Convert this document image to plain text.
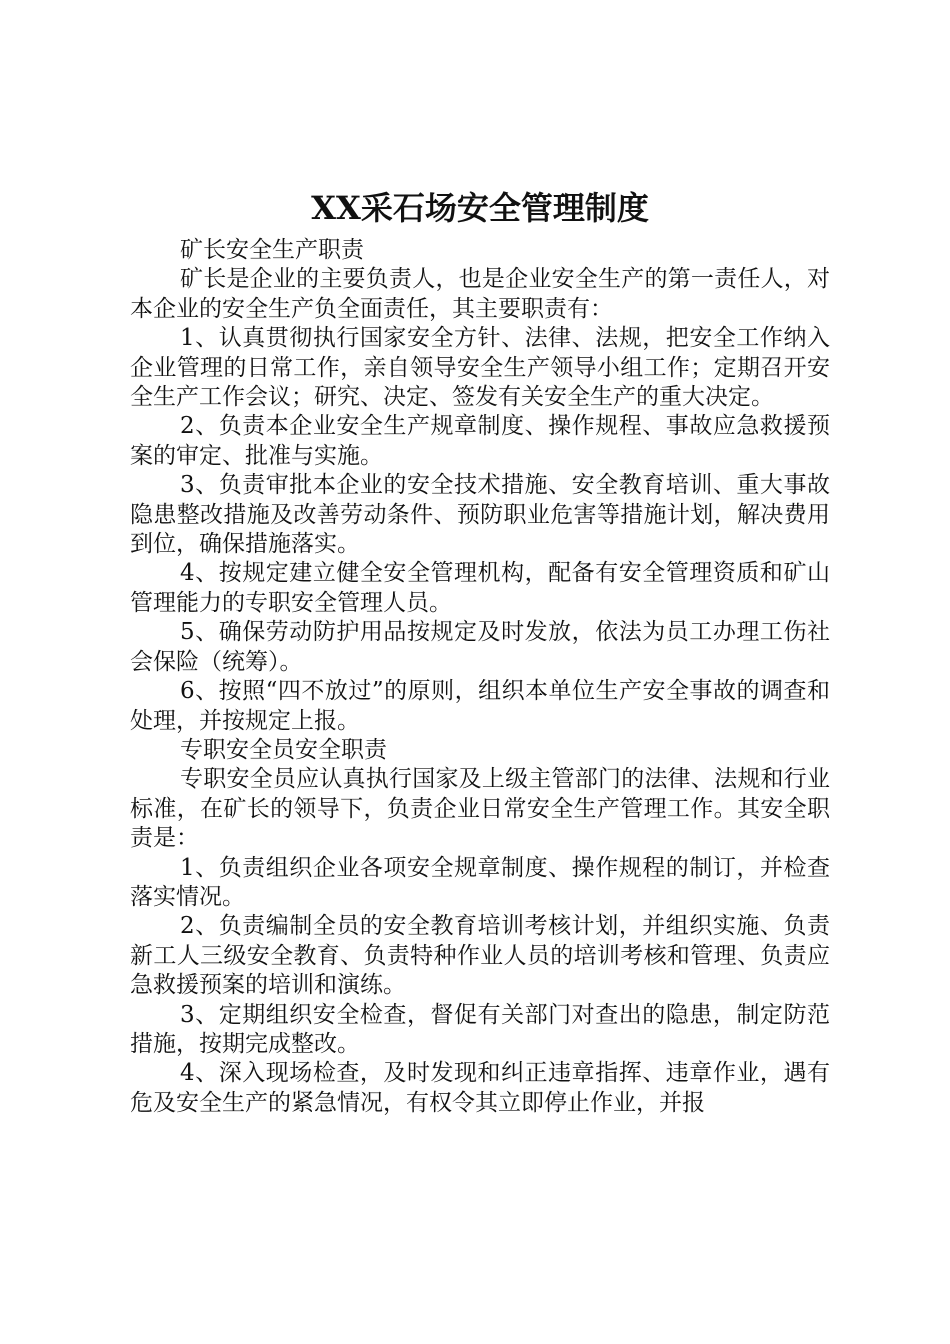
XX采石场安全管理制度

矿长安全生产职责

矿长是企业的主要负责人，也是企业安全生产的第一责任人，对本企业的安全生产负全面责任，其主要职责有：

1、认真贯彻执行国家安全方针、法律、法规，把安全工作纳入企业管理的日常工作，亲自领导安全生产领导小组工作；定期召开安全生产工作会议；研究、决定、签发有关安全生产的重大决定。

2、负责本企业安全生产规章制度、操作规程、事故应急救援预案的审定、批准与实施。

3、负责审批本企业的安全技术措施、安全教育培训、重大事故隐患整改措施及改善劳动条件、预防职业危害等措施计划，解决费用到位，确保措施落实。

4、按规定建立健全安全管理机构，配备有安全管理资质和矿山管理能力的专职安全管理人员。

5、确保劳动防护用品按规定及时发放，依法为员工办理工伤社会保险（统筹）。

6、按照“四不放过”的原则，组织本单位生产安全事故的调查和处理，并按规定上报。

专职安全员安全职责

专职安全员应认真执行国家及上级主管部门的法律、法规和行业标准，在矿长的领导下，负责企业日常安全生产管理工作。其安全职责是：

1、负责组织企业各项安全规章制度、操作规程的制订，并检查落实情况。

2、负责编制全员的安全教育培训考核计划，并组织实施、负责新工人三级安全教育、负责特种作业人员的培训考核和管理、负责应急救援预案的培训和演练。

3、定期组织安全检查，督促有关部门对查出的隐患，制定防范措施，按期完成整改。

4、深入现场检查，及时发现和纠正违章指挥、违章作业，遇有危及安全生产的紧急情况，有权令其立即停止作业，并报
